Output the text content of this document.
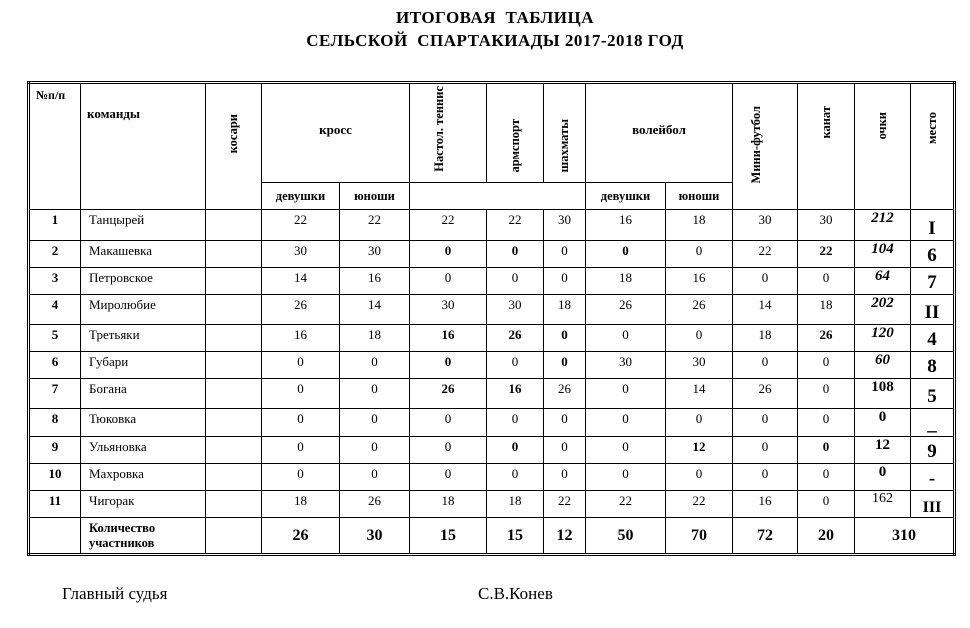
ИТОГОВАЯ  ТАБЛИЦА
СЕЛЬСКОЙ  СПАРТАКИАДЫ 2017-2018 ГОД
№п/п	команды	косари	кросс		Настол. теннис	армспорт	шахматы	волейбол		Мини-футбол	канат	очки	место
			девушки	юноши				девушки	юноши				
1	Танцырей		22	22	22	22	30	16	18	30	30	212	I
2	Макашевка		30	30	0	0	0	0	0	22	22	104	6
3	Петровское		14	16	0	0	0	18	16	0	0	64	7
4	Миролюбие		26	14	30	30	18	26	26	14	18	202	II
5	Третьяки		16	18	16	26	0	0	0	18	26	120	4
6	Губари		0	0	0	0	0	30	30	0	0	60	8
7	Богана		0	0	26	16	26	0	14	26	0	108	5
8	Тюковка		0	0	0	0	0	0	0	0	0	0	_
9	Ульяновка		0	0	0	0	0	0	12	0	0	12	9
10	Махровка		0	0	0	0	0	0	0	0	0	0	-
11	Чигорак		18	26	18	18	22	22	22	16	0	162	III
	Количество участников		26	30	15	15	12	50	70	72	20	310	
Главный судья	С.В.Конев
